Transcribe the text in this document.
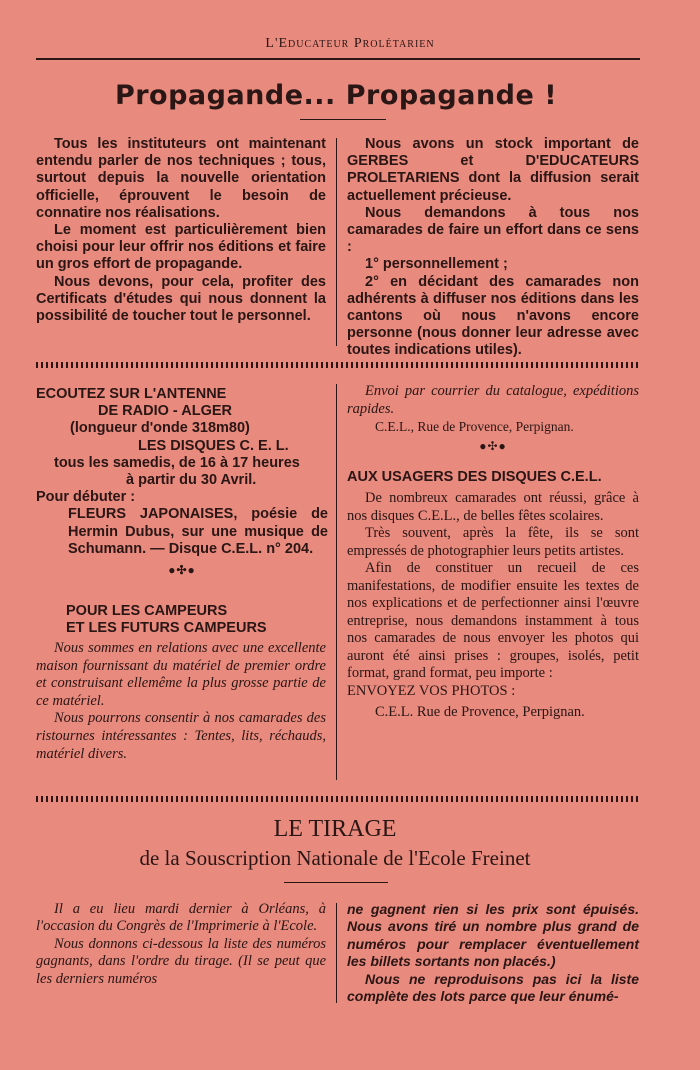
L'Educateur Prolétarien
Propagande... Propagande !

Tous les instituteurs ont maintenant entendu parler de nos techniques ; tous, surtout depuis la nouvelle orientation officielle, éprouvent le besoin de connatire nos réalisations.

Le moment est particulièrement bien choisi pour leur offrir nos éditions et faire un gros effort de propagande.

Nous devons, pour cela, profiter des Certificats d'études qui nous donnent la possibilité de toucher tout le personnel.

Nous avons un stock important de GERBES et D'EDUCATEURS PROLETARIENS dont la diffusion serait actuellement précieuse.

Nous demandons à tous nos camarades de faire un effort dans ce sens :

1° personnellement ;

2° en décidant des camarades non adhérents à diffuser nos éditions dans les cantons où nous n'avons encore personne (nous donner leur adresse avec toutes indications utiles).

ECOUTEZ SUR L'ANTENNE

DE RADIO - ALGER

(longueur d'onde 318m80)

LES DISQUES C. E. L.

tous les samedis, de 16 à 17 heures

à partir du 30 Avril.

Pour débuter :

FLEURS JAPONAISES, poésie de Hermin Dubus, sur une musique de Schumann. — Disque C.E.L. n° 204.

●✣●

POUR LES CAMPEURS

ET LES FUTURS CAMPEURS

Nous sommes en relations avec une excellente maison fournissant du matériel de premier ordre et construisant ellemême la plus grosse partie de ce matériel.

Nous pourrons consentir à nos camarades des ristournes intéressantes : Tentes, lits, réchauds, matériel divers.

Envoi par courrier du catalogue, expéditions rapides.

C.E.L., Rue de Provence, Perpignan.

●✣●

AUX USAGERS DES DISQUES C.E.L.

De nombreux camarades ont réussi, grâce à nos disques C.E.L., de belles fêtes scolaires.

Très souvent, après la fête, ils se sont empressés de photographier leurs petits artistes.

Afin de constituer un recueil de ces manifestations, de modifier ensuite les textes de nos explications et de perfectionner ainsi l'œuvre entreprise, nous demandons instamment à tous nos camarades de nous envoyer les photos qui auront été ainsi prises : groupes, isolés, petit format, grand format, peu importe :

ENVOYEZ VOS PHOTOS :

C.E.L. Rue de Provence, Perpignan.

LE TIRAGE
de la Souscription Nationale de l'Ecole Freinet

Il a eu lieu mardi dernier à Orléans, à l'occasion du Congrès de l'Imprimerie à l'Ecole.

Nous donnons ci-dessous la liste des numéros gagnants, dans l'ordre du tirage. (Il se peut que les derniers numéros

ne gagnent rien si les prix sont épuisés. Nous avons tiré un nombre plus grand de numéros pour remplacer éventuellement les billets sortants non placés.)

Nous ne reproduisons pas ici la liste complète des lots parce que leur énumé-
